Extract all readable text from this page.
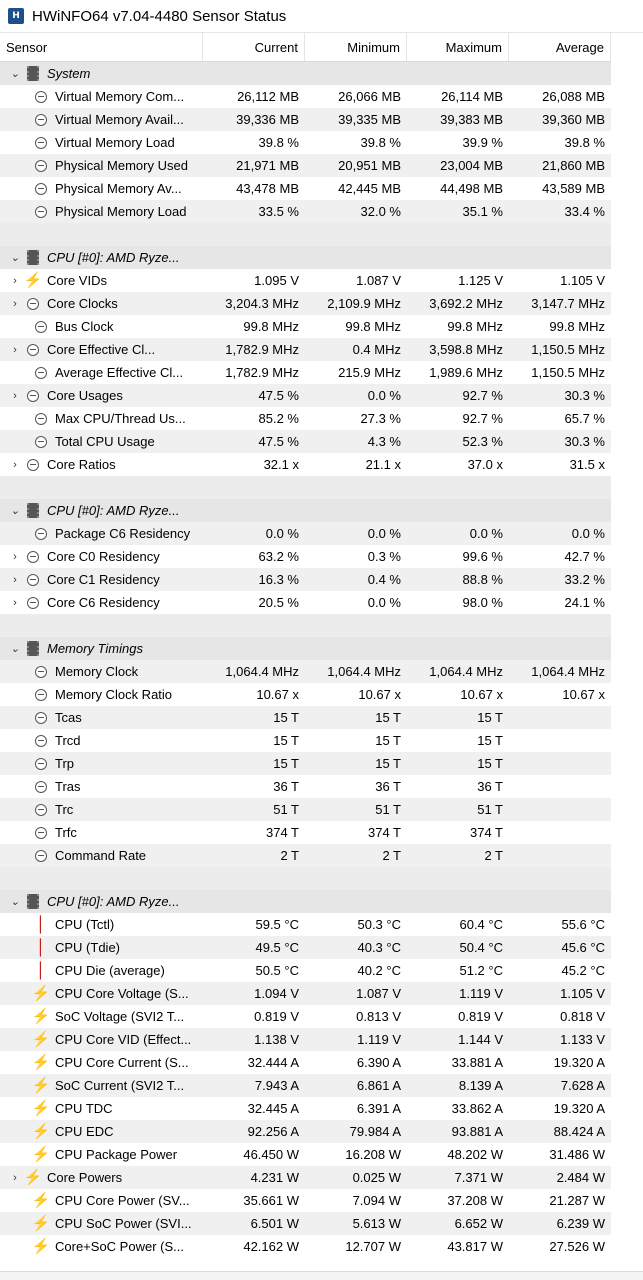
H HWiNFO64 v7.04-4480 Sensor Status
Sensor	Current	Minimum	Maximum	Average
⌄ System
Virtual Memory Com...	26,112 MB	26,066 MB	26,114 MB	26,088 MB
Virtual Memory Avail...	39,336 MB	39,335 MB	39,383 MB	39,360 MB
Virtual Memory Load	39.8 %	39.8 %	39.9 %	39.8 %
Physical Memory Used	21,971 MB	20,951 MB	23,004 MB	21,860 MB
Physical Memory Av...	43,478 MB	42,445 MB	44,498 MB	43,589 MB
Physical Memory Load	33.5 %	32.0 %	35.1 %	33.4 %
⌄ CPU [#0]: AMD Ryze...
› ⚡ Core VIDs	1.095 V	1.087 V	1.125 V	1.105 V
›	Core Clocks	3,204.3 MHz	2,109.9 MHz	3,692.2 MHz	3,147.7 MHz
Bus Clock	99.8 MHz	99.8 MHz	99.8 MHz	99.8 MHz
›	Core Effective Cl...	1,782.9 MHz	0.4 MHz	3,598.8 MHz	1,150.5 MHz
Average Effective Cl...	1,782.9 MHz	215.9 MHz	1,989.6 MHz	1,150.5 MHz
›	Core Usages	47.5 %	0.0 %	92.7 %	30.3 %
Max CPU/Thread Us...	85.2 %	27.3 %	92.7 %	65.7 %
Total CPU Usage	47.5 %	4.3 %	52.3 %	30.3 %
›	Core Ratios	32.1 x	21.1 x	37.0 x	31.5 x
⌄ CPU [#0]: AMD Ryze...
Package C6 Residency	0.0 %	0.0 %	0.0 %	0.0 %
›	Core C0 Residency	63.2 %	0.3 %	99.6 %	42.7 %
›	Core C1 Residency	16.3 %	0.4 %	88.8 %	33.2 %
›	Core C6 Residency	20.5 %	0.0 %	98.0 %	24.1 %
⌄ Memory Timings
Memory Clock	1,064.4 MHz	1,064.4 MHz	1,064.4 MHz	1,064.4 MHz
Memory Clock Ratio	10.67 x	10.67 x	10.67 x	10.67 x
Tcas	15 T	15 T	15 T
Trcd	15 T	15 T	15 T
Trp	15 T	15 T	15 T
Tras	36 T	36 T	36 T
Trc	51 T	51 T	51 T
Trfc	374 T	374 T	374 T
Command Rate	2 T	2 T	2 T
⌄ CPU [#0]: AMD Ryze...
│ CPU (Tctl)	59.5 °C	50.3 °C	60.4 °C	55.6 °C
│ CPU (Tdie)	49.5 °C	40.3 °C	50.4 °C	45.6 °C
│ CPU Die (average)	50.5 °C	40.2 °C	51.2 °C	45.2 °C
⚡ CPU Core Voltage (S...	1.094 V	1.087 V	1.119 V	1.105 V
⚡ SoC Voltage (SVI2 T...	0.819 V	0.813 V	0.819 V	0.818 V
⚡ CPU Core VID (Effect...	1.138 V	1.119 V	1.144 V	1.133 V
⚡ CPU Core Current (S...	32.444 A	6.390 A	33.881 A	19.320 A
⚡ SoC Current (SVI2 T...	7.943 A	6.861 A	8.139 A	7.628 A
⚡ CPU TDC	32.445 A	6.391 A	33.862 A	19.320 A
⚡ CPU EDC	92.256 A	79.984 A	93.881 A	88.424 A
⚡ CPU Package Power	46.450 W	16.208 W	48.202 W	31.486 W
› ⚡ Core Powers	4.231 W	0.025 W	7.371 W	2.484 W
⚡ CPU Core Power (SV...	35.661 W	7.094 W	37.208 W	21.287 W
⚡ CPU SoC Power (SVI...	6.501 W	5.613 W	6.652 W	6.239 W
⚡ Core+SoC Power (S...	42.162 W	12.707 W	43.817 W	27.526 W
